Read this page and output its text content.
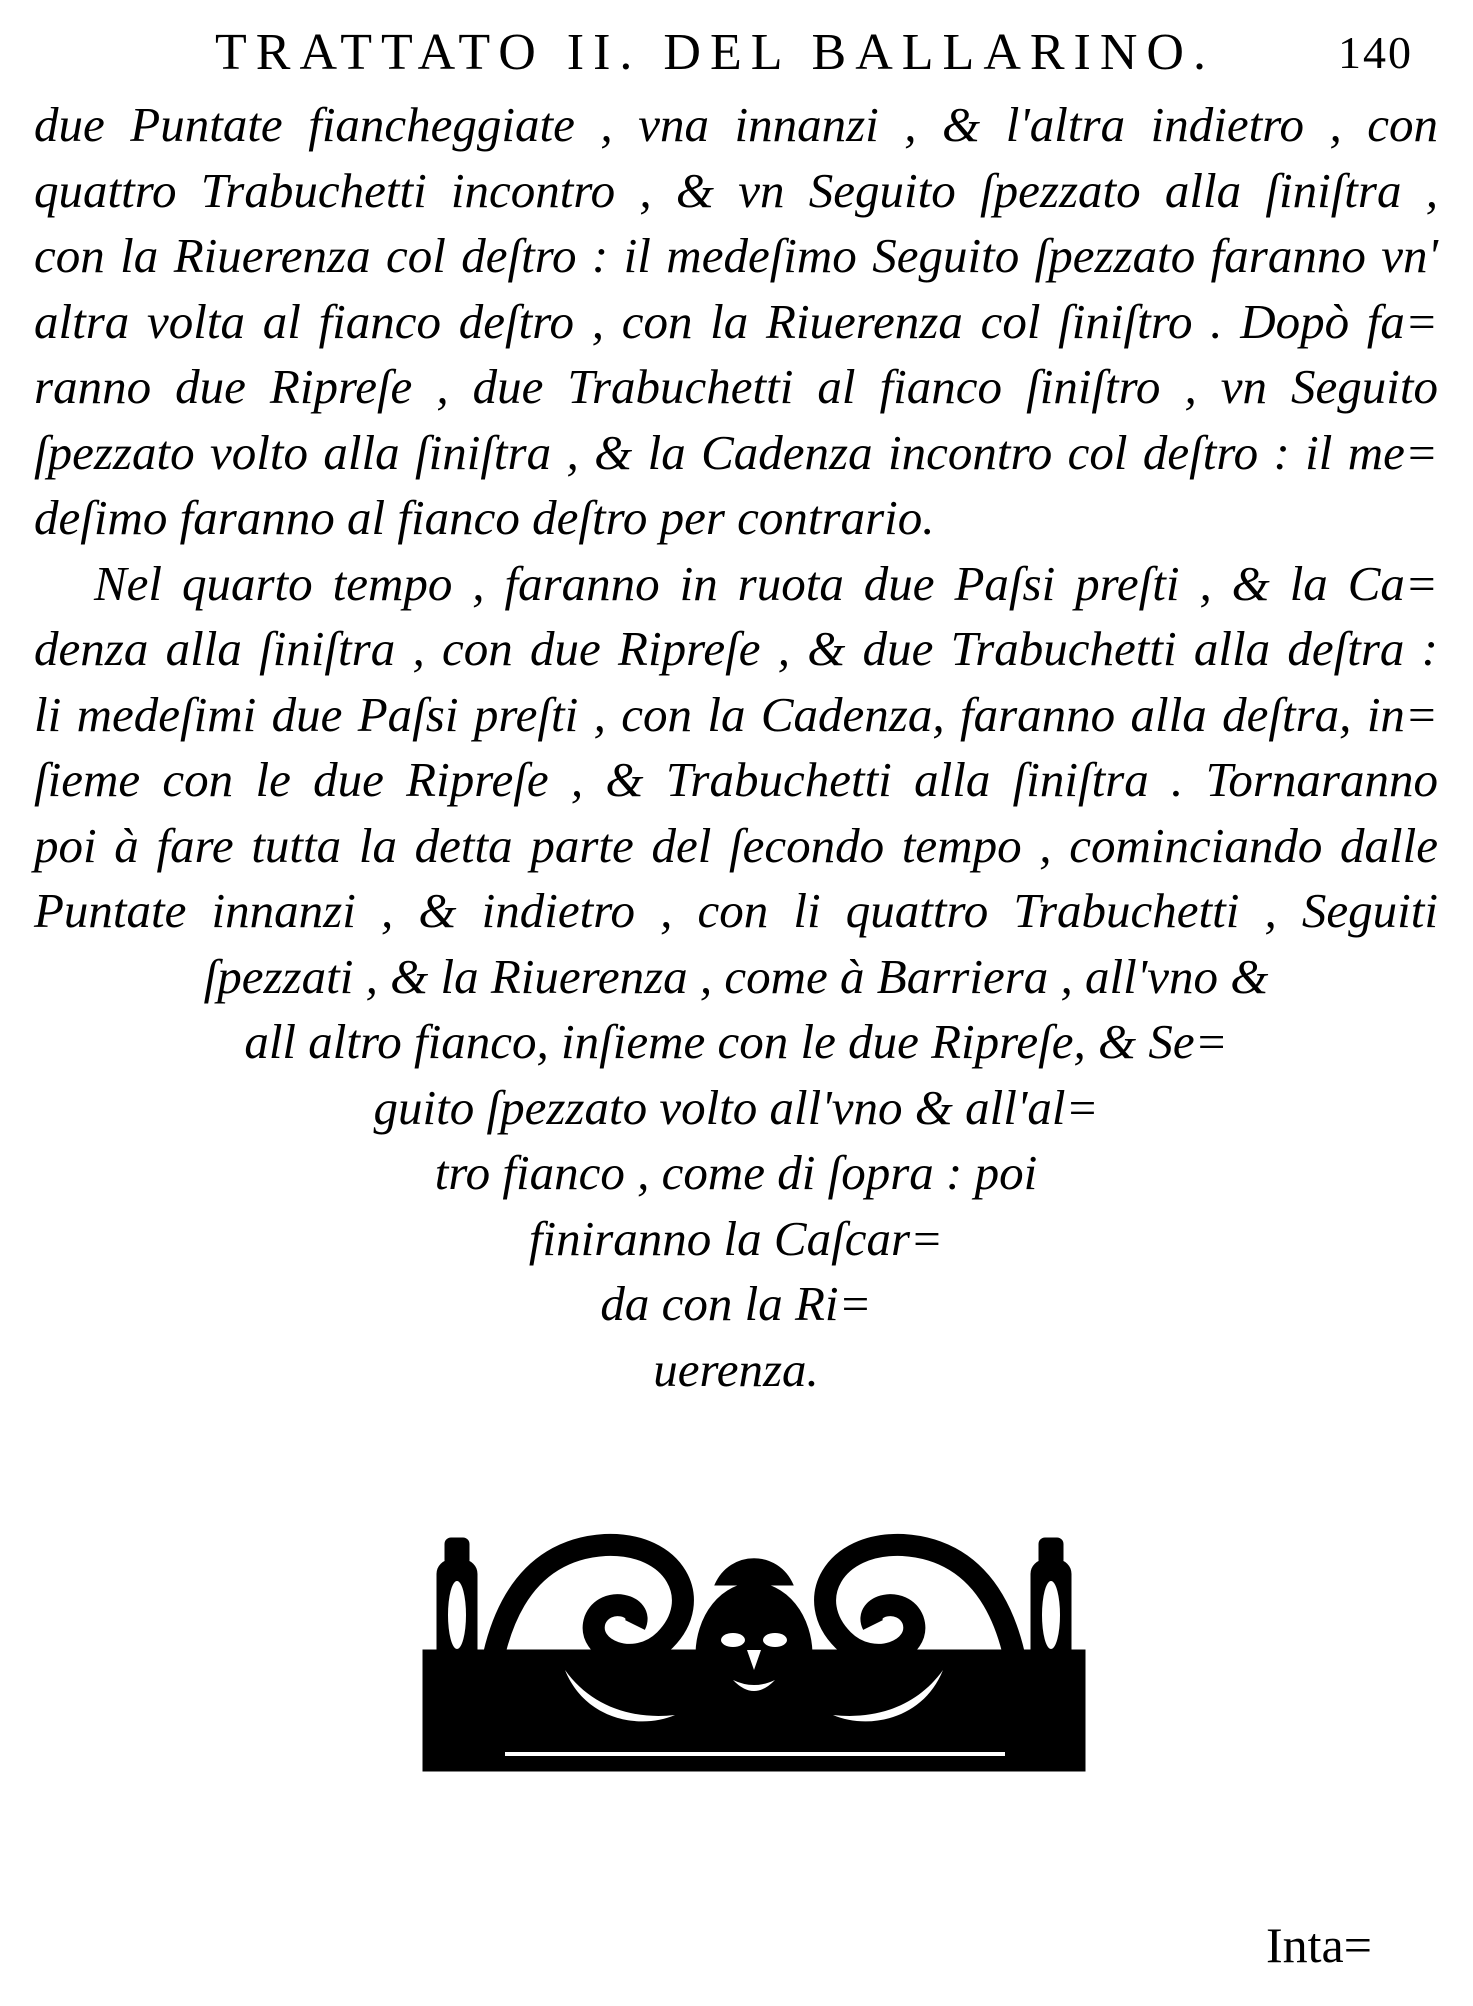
TRATTATO II. DEL BALLARINO.	140
due Puntate fiancheggiate , vna innanzi , & l'altra indietro , con
quattro Trabuchetti incontro , & vn Seguito ſpezzato alla ſiniſtra ,
con la Riuerenza col deſtro : il medeſimo Seguito ſpezzato faranno vn'
altra volta al fianco deſtro , con la Riuerenza col ſiniſtro . Dopò fa=
ranno due Ripreſe , due Trabuchetti al fianco ſiniſtro , vn Seguito
ſpezzato volto alla ſiniſtra , & la Cadenza incontro col deſtro : il me=
deſimo faranno al fianco deſtro per contrario.
Nel quarto tempo , faranno in ruota due Paſsi preſti , & la Ca=
denza alla ſiniſtra , con due Ripreſe , & due Trabuchetti alla deſtra :
li medeſimi due Paſsi preſti , con la Cadenza, faranno alla deſtra, in=
ſieme con le due Ripreſe , & Trabuchetti alla ſiniſtra . Tornaranno
poi à fare tutta la detta parte del ſecondo tempo , cominciando dalle
Puntate innanzi , & indietro , con li quattro Trabuchetti , Seguiti
ſpezzati , & la Riuerenza , come à Barriera , all'vno &
all altro fianco, inſieme con le due Ripreſe, & Se=
guito ſpezzato volto all'vno & all'al=
tro fianco , come di ſopra : poi
finiranno la Caſcar=
da con la Ri=
uerenza.
Inta=
